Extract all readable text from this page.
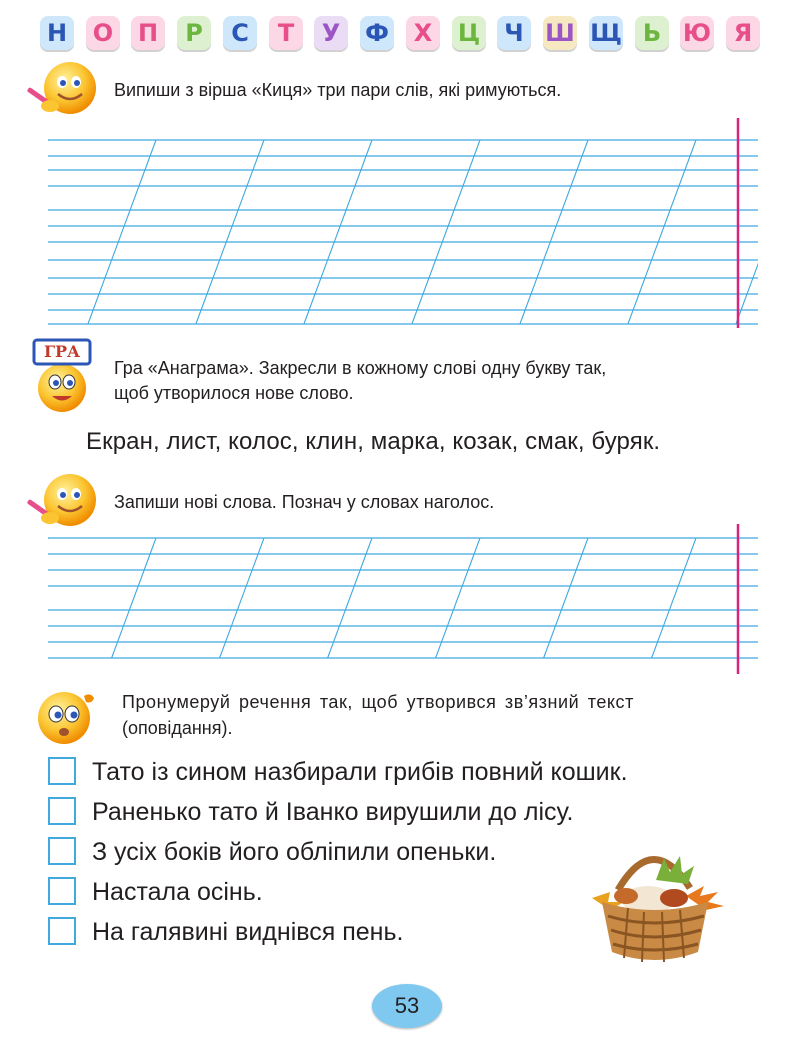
Н О П	Р	С	Т	У	Ф	Х	Ц	Ч Ш Щ Ь Ю Я
Випиши з вірша «Киця» три пари слів, які римуються.
ГРА
Гра «Анаграма». Закресли в кожному слові одну букву так,
щоб утворилося нове слово.
Екран, лист, колос, клин, марка, козак, смак, буряк.
Запиши нові слова. Познач у словах наголос.
Пронумеруй речення так, щоб утворився зв’язний текст
(оповідання).
Тато із сином назбирали грибів повний кошик.
Раненько тато й Іванко вирушили до лісу.
З усіх боків його обліпили опеньки.
Настала осінь.
На галявині виднівся пень.
53
